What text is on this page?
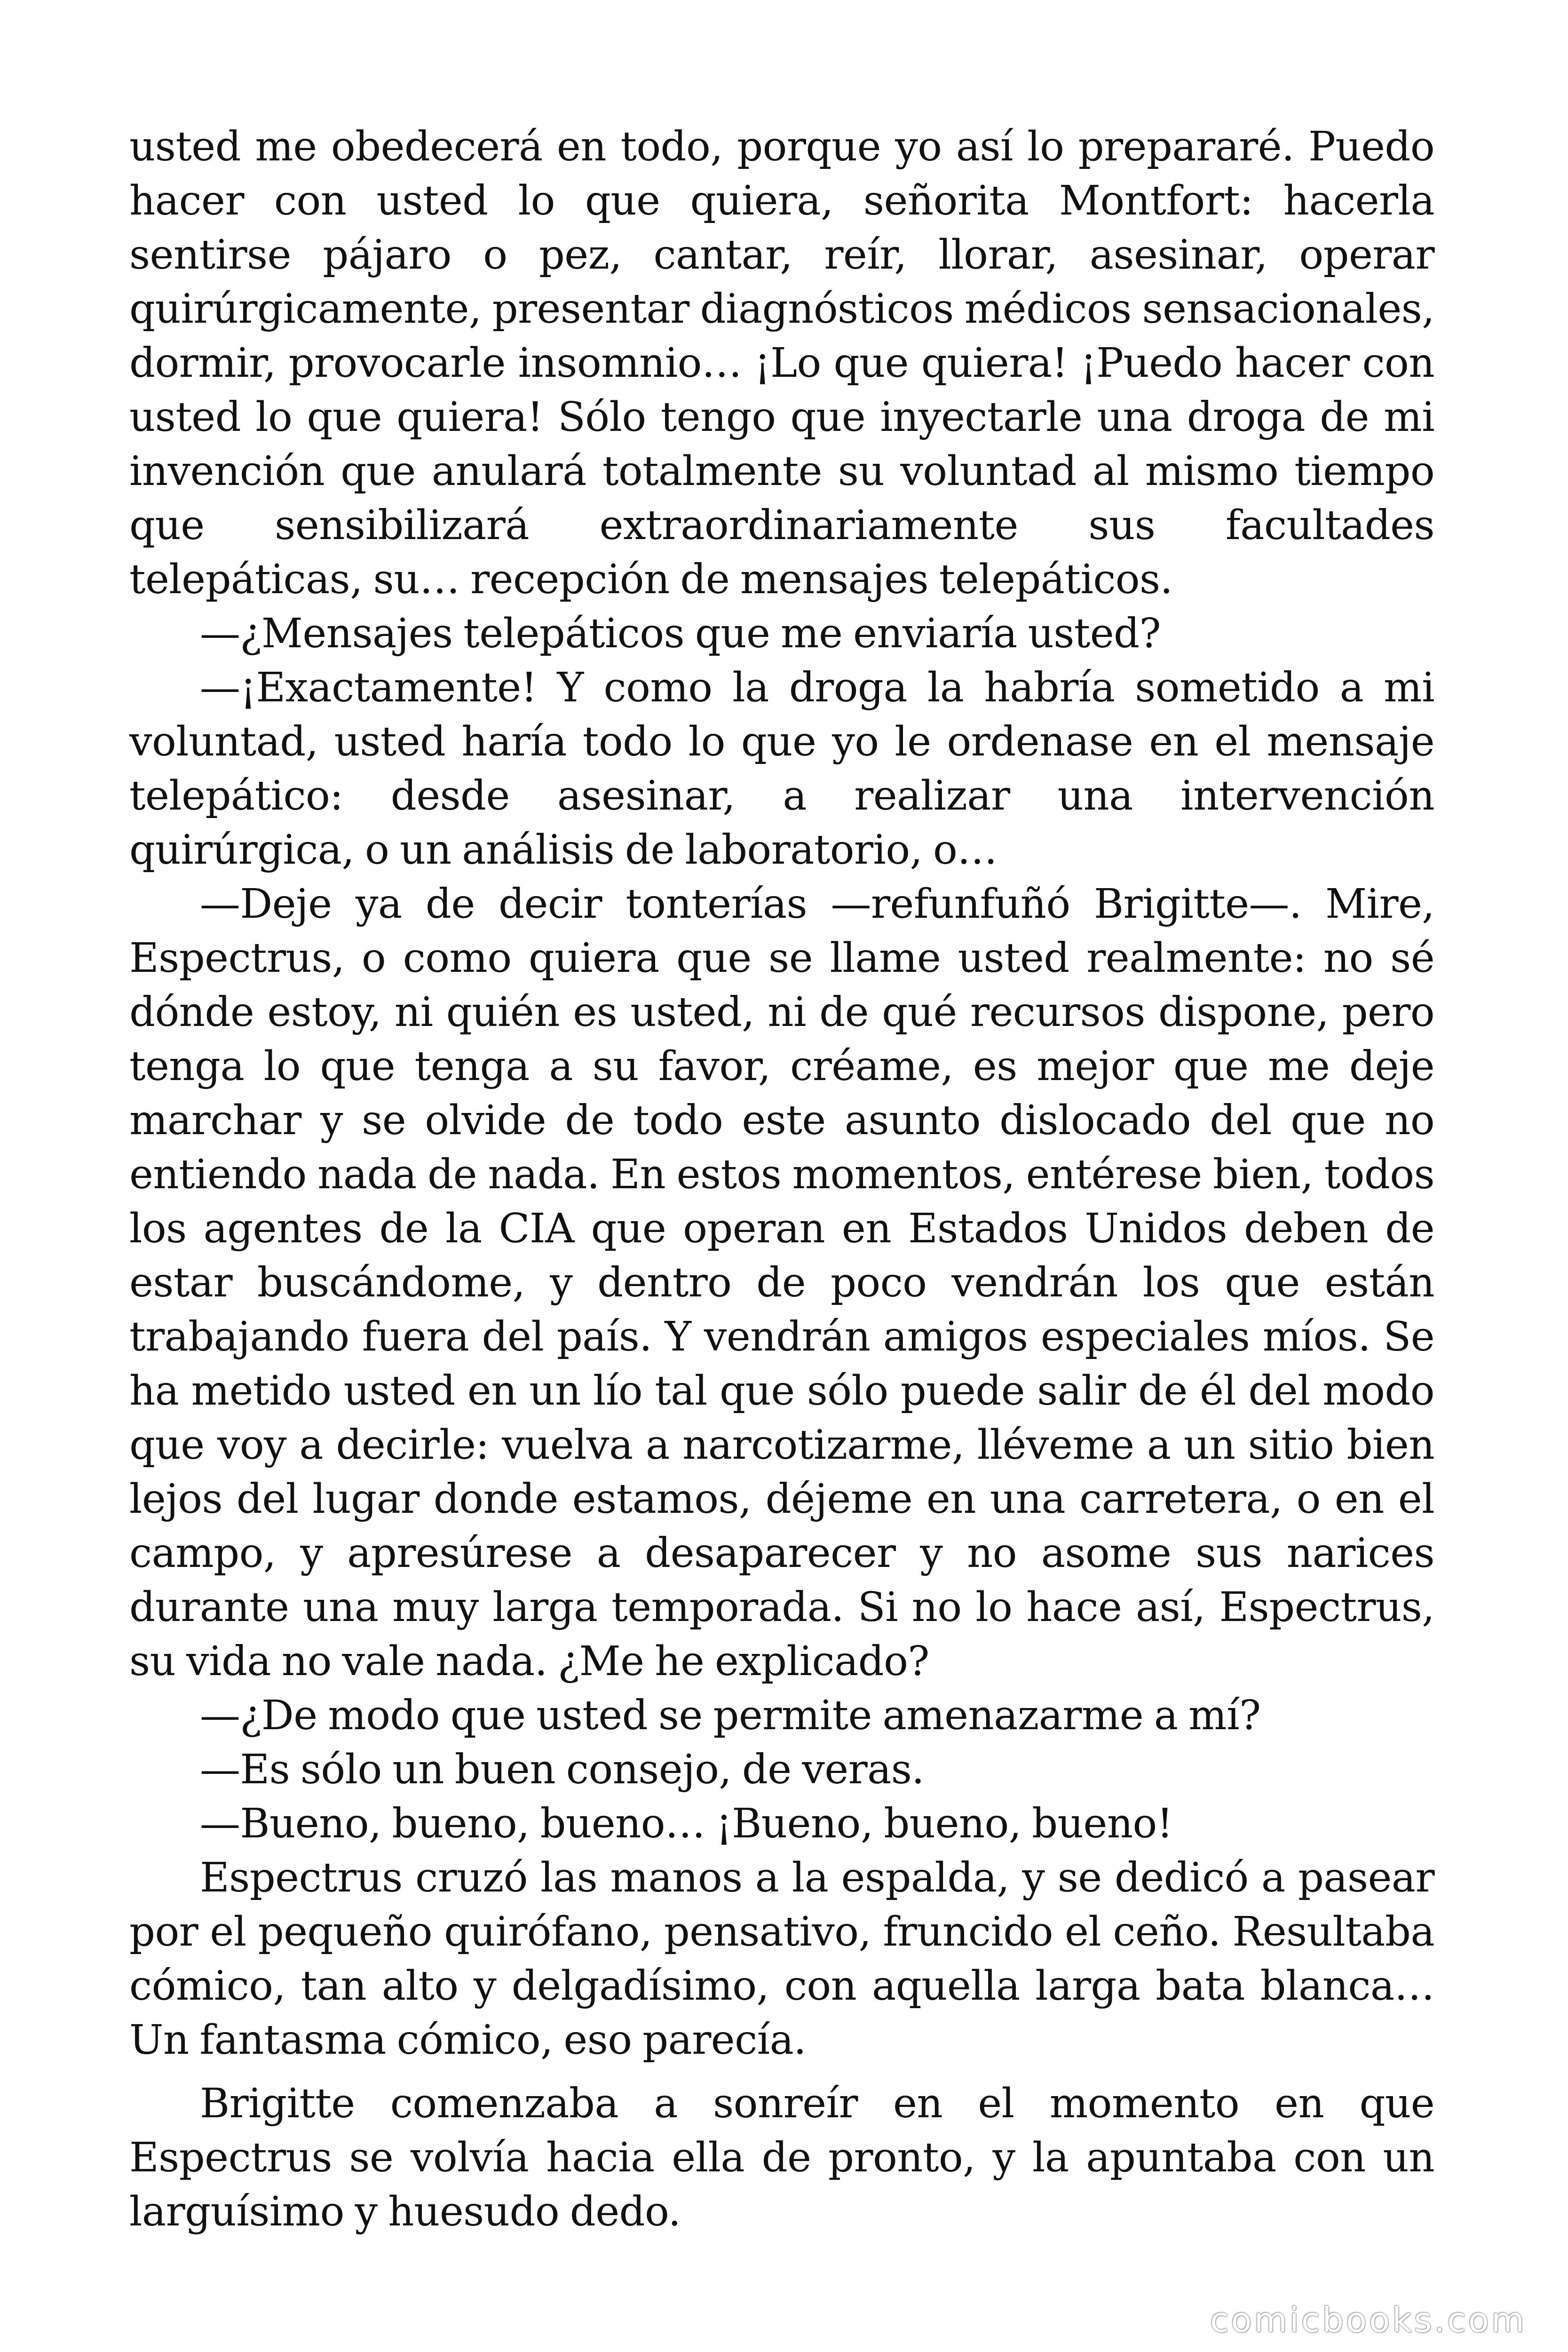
usted me obedecerá en todo, porque yo así lo prepararé. Puedo hacer con usted lo que quiera, señorita Montfort: hacerla sentirse pájaro o pez, cantar, reír, llorar, asesinar, operar quirúrgicamente, presentar diagnósticos médicos sensacionales, dormir, provocarle insomnio… ¡Lo que quiera! ¡Puedo hacer con usted lo que quiera! Sólo tengo que inyectarle una droga de mi invención que anulará totalmente su voluntad al mismo tiempo que sensibilizará extraordinariamente sus facultades telepáticas, su… recepción de mensajes telepáticos.

—¿Mensajes telepáticos que me enviaría usted?

—¡Exactamente! Y como la droga la habría sometido a mi voluntad, usted haría todo lo que yo le ordenase en el mensaje telepático: desde asesinar, a realizar una intervención quirúrgica, o un análisis de laboratorio, o…

—Deje ya de decir tonterías —refunfuñó Brigitte—. Mire, Espectrus, o como quiera que se llame usted realmente: no sé dónde estoy, ni quién es usted, ni de qué recursos dispone, pero tenga lo que tenga a su favor, créame, es mejor que me deje marchar y se olvide de todo este asunto dislocado del que no entiendo nada de nada. En estos momentos, entérese bien, todos los agentes de la CIA que operan en Estados Unidos deben de estar buscándome, y dentro de poco vendrán los que están trabajando fuera del país. Y vendrán amigos especiales míos. Se ha metido usted en un lío tal que sólo puede salir de él del modo que voy a decirle: vuelva a narcotizarme, lléveme a un sitio bien lejos del lugar donde estamos, déjeme en una carretera, o en el campo, y apresúrese a desaparecer y no asome sus narices durante una muy larga temporada. Si no lo hace así, Espectrus, su vida no vale nada. ¿Me he explicado?

—¿De modo que usted se permite amenazarme a mí?

—Es sólo un buen consejo, de veras.

—Bueno, bueno, bueno… ¡Bueno, bueno, bueno!

Espectrus cruzó las manos a la espalda, y se dedicó a pasear por el pequeño quirófano, pensativo, fruncido el ceño. Resultaba cómico, tan alto y delgadísimo, con aquella larga bata blanca… Un fantasma cómico, eso parecía.

Brigitte comenzaba a sonreír en el momento en que Espectrus se volvía hacia ella de pronto, y la apuntaba con un larguísimo y huesudo dedo.

comicbooks.com
